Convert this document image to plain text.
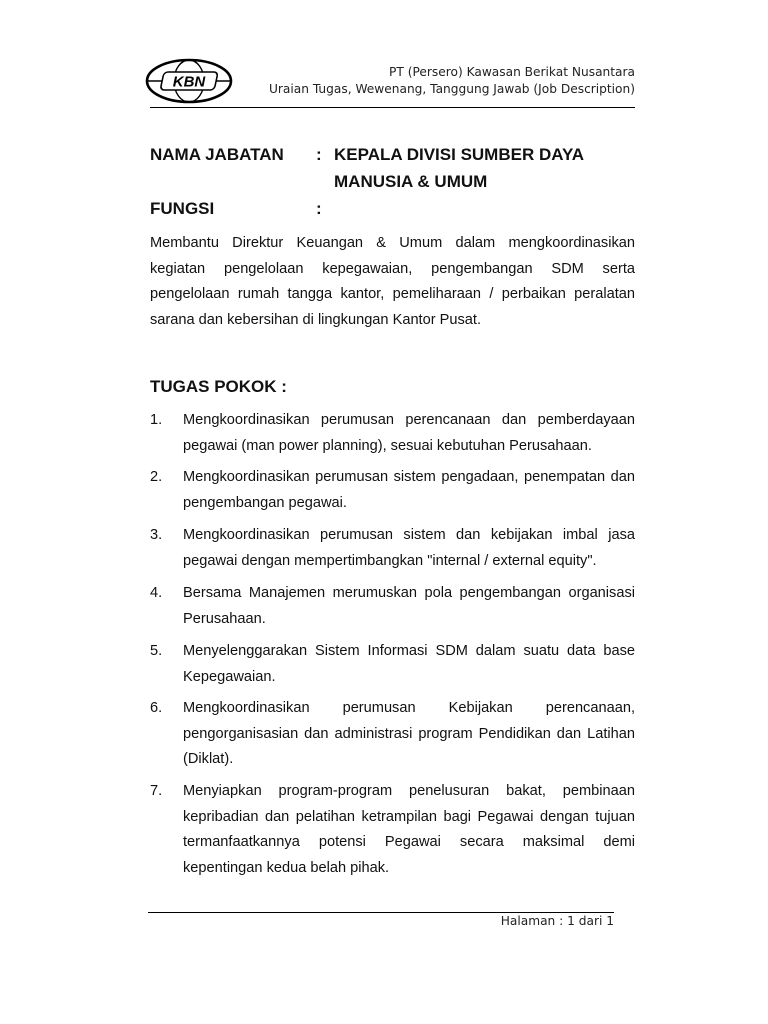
KBN
PT (Persero) Kawasan Berikat Nusantara
Uraian Tugas, Wewenang, Tanggung Jawab (Job Description)
NAMA JABATAN : KEPALA DIVISI SUMBER DAYA MANUSIA & UMUM
FUNGSI	:
Membantu Direktur Keuangan & Umum dalam mengkoordinasikan kegiatan pengelolaan kepegawaian, pengembangan SDM serta pengelolaan rumah tangga kantor, pemeliharaan / perbaikan peralatan sarana dan kebersihan di lingkungan Kantor Pusat.
TUGAS POKOK :
1. Mengkoordinasikan perumusan perencanaan dan pemberdayaan pegawai (man power planning), sesuai kebutuhan Perusahaan.
2. Mengkoordinasikan perumusan sistem pengadaan, penempatan dan pengembangan pegawai.
3. Mengkoordinasikan perumusan sistem dan kebijakan imbal jasa pegawai dengan mempertimbangkan "internal / external equity".
4. Bersama Manajemen merumuskan pola pengembangan organisasi Perusahaan.
5. Menyelenggarakan Sistem Informasi SDM dalam suatu data base Kepegawaian.
6. Mengkoordinasikan perumusan Kebijakan perencanaan, pengorganisasian dan administrasi program Pendidikan dan Latihan (Diklat).
7. Menyiapkan program-program penelusuran bakat, pembinaan kepribadian dan pelatihan ketrampilan bagi Pegawai dengan tujuan termanfaatkannya potensi Pegawai secara maksimal demi kepentingan kedua belah pihak.
Halaman : 1 dari 1
